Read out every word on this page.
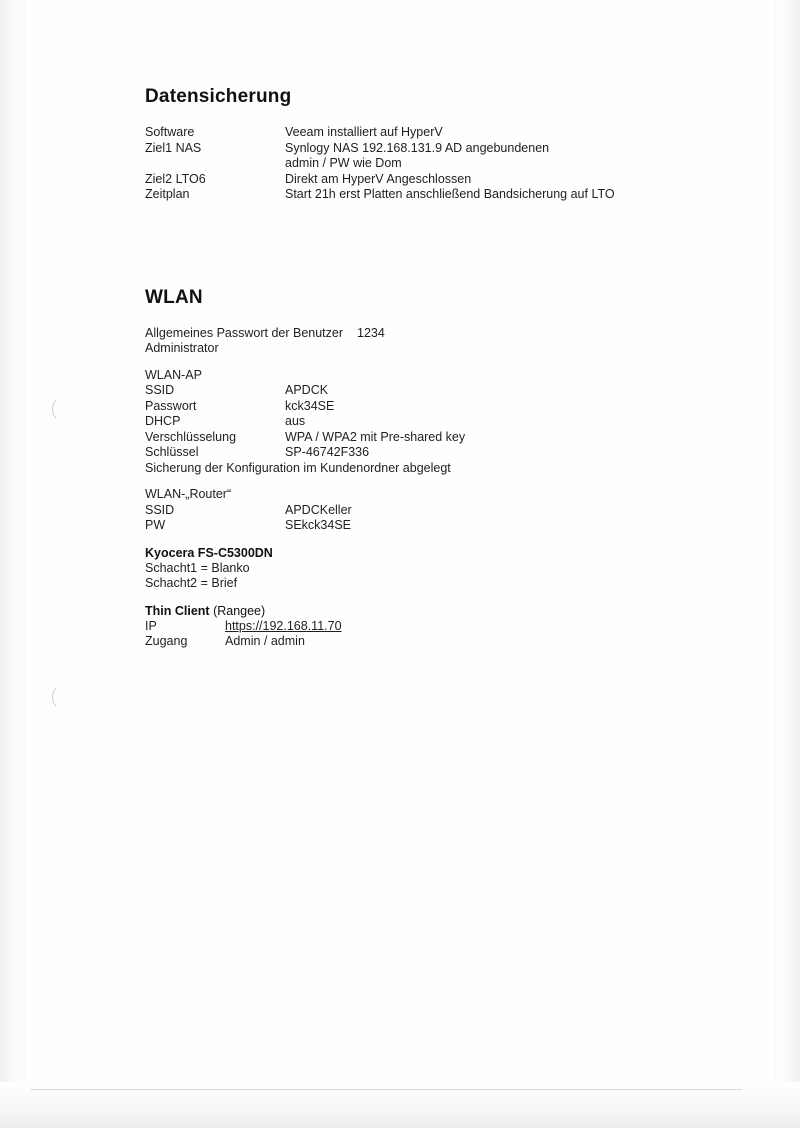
Datensicherung
Software	Veeam installiert auf HyperV
Ziel1 NAS	Synlogy NAS 192.168.131.9 AD angebundenen
admin / PW wie Dom
Ziel2 LTO6	Direkt am HyperV Angeschlossen
Zeitplan	Start 21h erst Platten anschließend Bandsicherung auf LTO
WLAN
Allgemeines Passwort der Benutzer	1234
Administrator
WLAN-AP
SSID	APDCK
Passwort	kck34SE
DHCP	aus
Verschlüsselung	WPA / WPA2 mit Pre-shared key
Schlüssel	SP-46742F336
Sicherung der Konfiguration im Kundenordner abgelegt
WLAN-„Router“
SSID	APDCKeller
PW	SEkck34SE
Kyocera FS-C5300DN
Schacht1 = Blanko
Schacht2 = Brief
Thin Client (Rangee)
IP	https://192.168.11.70
Zugang	Admin / admin
